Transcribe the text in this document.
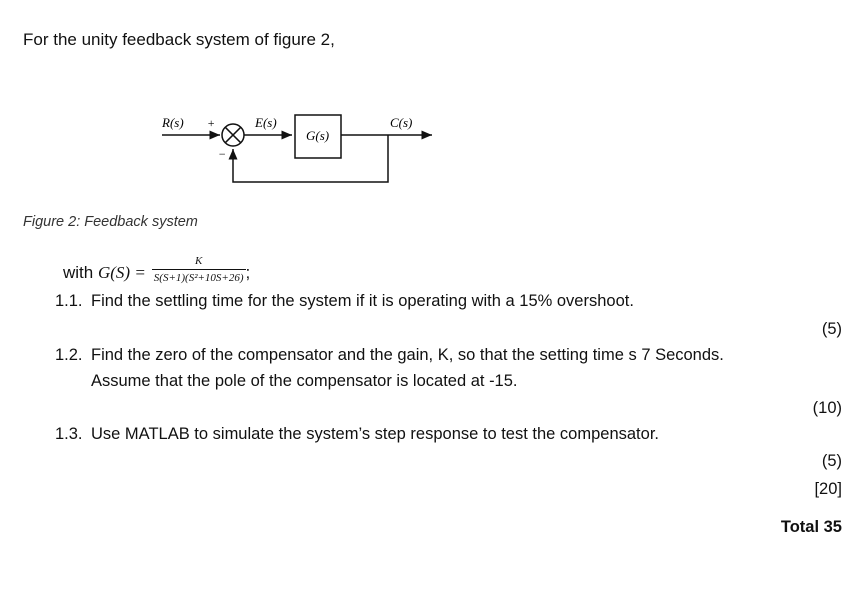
For the unity feedback system of figure 2,
R(s) +
−
E(s)
G(s)
C(s)
Figure 2: Feedback system
with
$G(S) = \frac{K}{\text{S(S+1)(S²+10S+26)}}$ ;
1.1. Find the settling time for the system if it is operating with a 15% overshoot.
1.2. Find the zero of the compensator and the gain, K, so that the setting time s 7 Seconds.
Assume that the pole of the compensator is located at -15.
1.3. Use MATLAB to simulate the system’s step response to test the compensator.
(5)
(10)
(5)
[20]
Total 35
